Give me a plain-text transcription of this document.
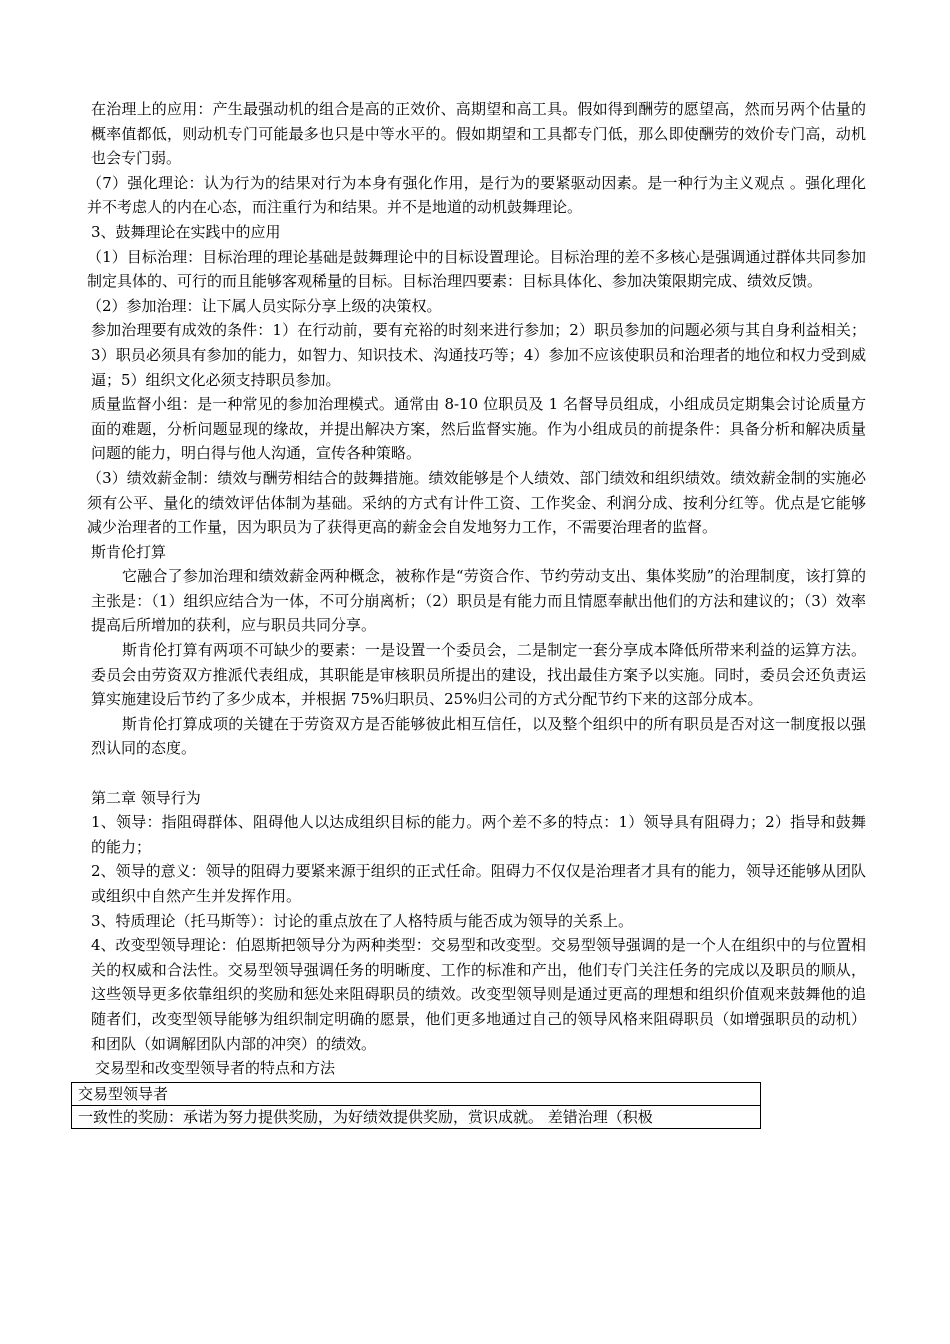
在治理上的应用：产生最强动机的组合是高的正效价、高期望和高工具。假如得到酬劳的愿望高，然而另两个估量的概率值都低，则动机专门可能最多也只是中等水平的。假如期望和工具都专门低，那么即使酬劳的效价专门高，动机也会专门弱。

（7）强化理论：认为行为的结果对行为本身有强化作用，是行为的要紧驱动因素。是一种行为主义观点 。强化理化并不考虑人的内在心态，而注重行为和结果。并不是地道的动机鼓舞理论。

3、鼓舞理论在实践中的应用

（1）目标治理：目标治理的理论基础是鼓舞理论中的目标设置理论。目标治理的差不多核心是强调通过群体共同参加制定具体的、可行的而且能够客观稀量的目标。目标治理四要素：目标具体化、参加决策限期完成、绩效反馈。

（2）参加治理：让下属人员实际分享上级的决策权。

参加治理要有成效的条件：1）在行动前，要有充裕的时刻来进行参加；2）职员参加的问题必须与其自身利益相关；3）职员必须具有参加的能力，如智力、知识技术、沟通技巧等；4）参加不应该使职员和治理者的地位和权力受到威逼；5）组织文化必须支持职员参加。

质量监督小组：是一种常见的参加治理模式。通常由 8-10 位职员及 1 名督导员组成，小组成员定期集会讨论质量方面的难题，分析问题显现的缘故，并提出解决方案，然后监督实施。作为小组成员的前提条件：具备分析和解决质量问题的能力，明白得与他人沟通，宣传各种策略。

（3）绩效薪金制：绩效与酬劳相结合的鼓舞措施。绩效能够是个人绩效、部门绩效和组织绩效。绩效薪金制的实施必须有公平、量化的绩效评估体制为基础。采纳的方式有计件工资、工作奖金、利润分成、按利分红等。优点是它能够减少治理者的工作量，因为职员为了获得更高的薪金会自发地努力工作，不需要治理者的监督。

斯肯伦打算

它融合了参加治理和绩效薪金两种概念，被称作是“劳资合作、节约劳动支出、集体奖励”的治理制度，该打算的主张是：（1）组织应结合为一体，不可分崩离析；（2）职员是有能力而且情愿奉献出他们的方法和建议的；（3）效率提高后所增加的获利，应与职员共同分享。

斯肯伦打算有两项不可缺少的要素：一是设置一个委员会，二是制定一套分享成本降低所带来利益的运算方法。委员会由劳资双方推派代表组成，其职能是审核职员所提出的建设，找出最佳方案予以实施。同时，委员会还负责运算实施建设后节约了多少成本，并根据 75%归职员、25%归公司的方式分配节约下来的这部分成本。

斯肯伦打算成项的关键在于劳资双方是否能够彼此相互信任，以及整个组织中的所有职员是否对这一制度报以强烈认同的态度。

第二章 领导行为

1、领导：指阻碍群体、阻碍他人以达成组织目标的能力。两个差不多的特点：1）领导具有阻碍力；2）指导和鼓舞的能力；

2、领导的意义：领导的阻碍力要紧来源于组织的正式任命。阻碍力不仅仅是治理者才具有的能力，领导还能够从团队或组织中自然产生并发挥作用。

3、特质理论（托马斯等）：讨论的重点放在了人格特质与能否成为领导的关系上。

4、改变型领导理论：伯恩斯把领导分为两种类型：交易型和改变型。交易型领导强调的是一个人在组织中的与位置相关的权威和合法性。交易型领导强调任务的明晰度、工作的标准和产出，他们专门关注任务的完成以及职员的顺从，这些领导更多依靠组织的奖励和惩处来阻碍职员的绩效。改变型领导则是通过更高的理想和组织价值观来鼓舞他的追随者们，改变型领导能够为组织制定明确的愿景，他们更多地通过自己的领导风格来阻碍职员（如增强职员的动机）和团队（如调解团队内部的冲突）的绩效。

交易型和改变型领导者的特点和方法

交易型领导者
一致性的奖励：承诺为努力提供奖励，为好绩效提供奖励，赏识成就。 差错治理（积极
